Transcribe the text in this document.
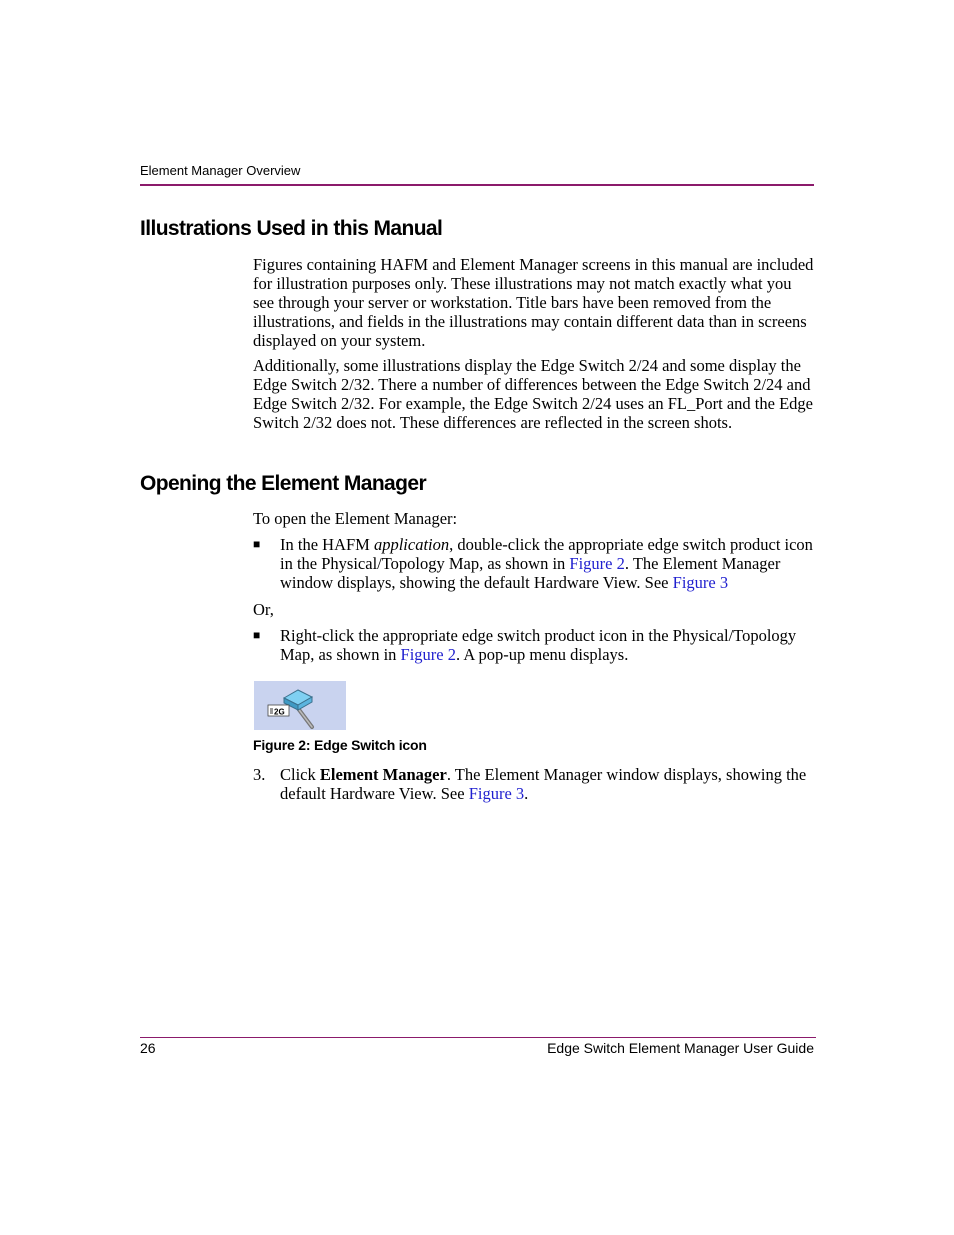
Element Manager Overview
Illustrations Used in this Manual

Figures containing HAFM and Element Manager screens in this manual are included for illustration purposes only. These illustrations may not match exactly what you see through your server or workstation. Title bars have been removed from the illustrations, and fields in the illustrations may contain different data than in screens displayed on your system.

Additionally, some illustrations display the Edge Switch 2/24 and some display the Edge Switch 2/32. There a number of differences between the Edge Switch 2/24 and Edge Switch 2/32. For example, the Edge Switch 2/24 uses an FL_Port and the Edge Switch 2/32 does not. These differences are reflected in the screen shots.

Opening the Element Manager

To open the Element Manager:

■	In the HAFM application, double-click the appropriate edge switch product icon in the Physical/Topology Map, as shown in Figure 2. The Element Manager window displays, showing the default Hardware View. See Figure 3

Or,

■	Right-click the appropriate edge switch product icon in the Physical/Topology Map, as shown in Figure 2. A pop-up menu displays.
2G
Figure 2: Edge Switch icon
3. Click Element Manager. The Element Manager window displays, showing the default Hardware View. See Figure 3.
26	Edge Switch Element Manager User Guide
